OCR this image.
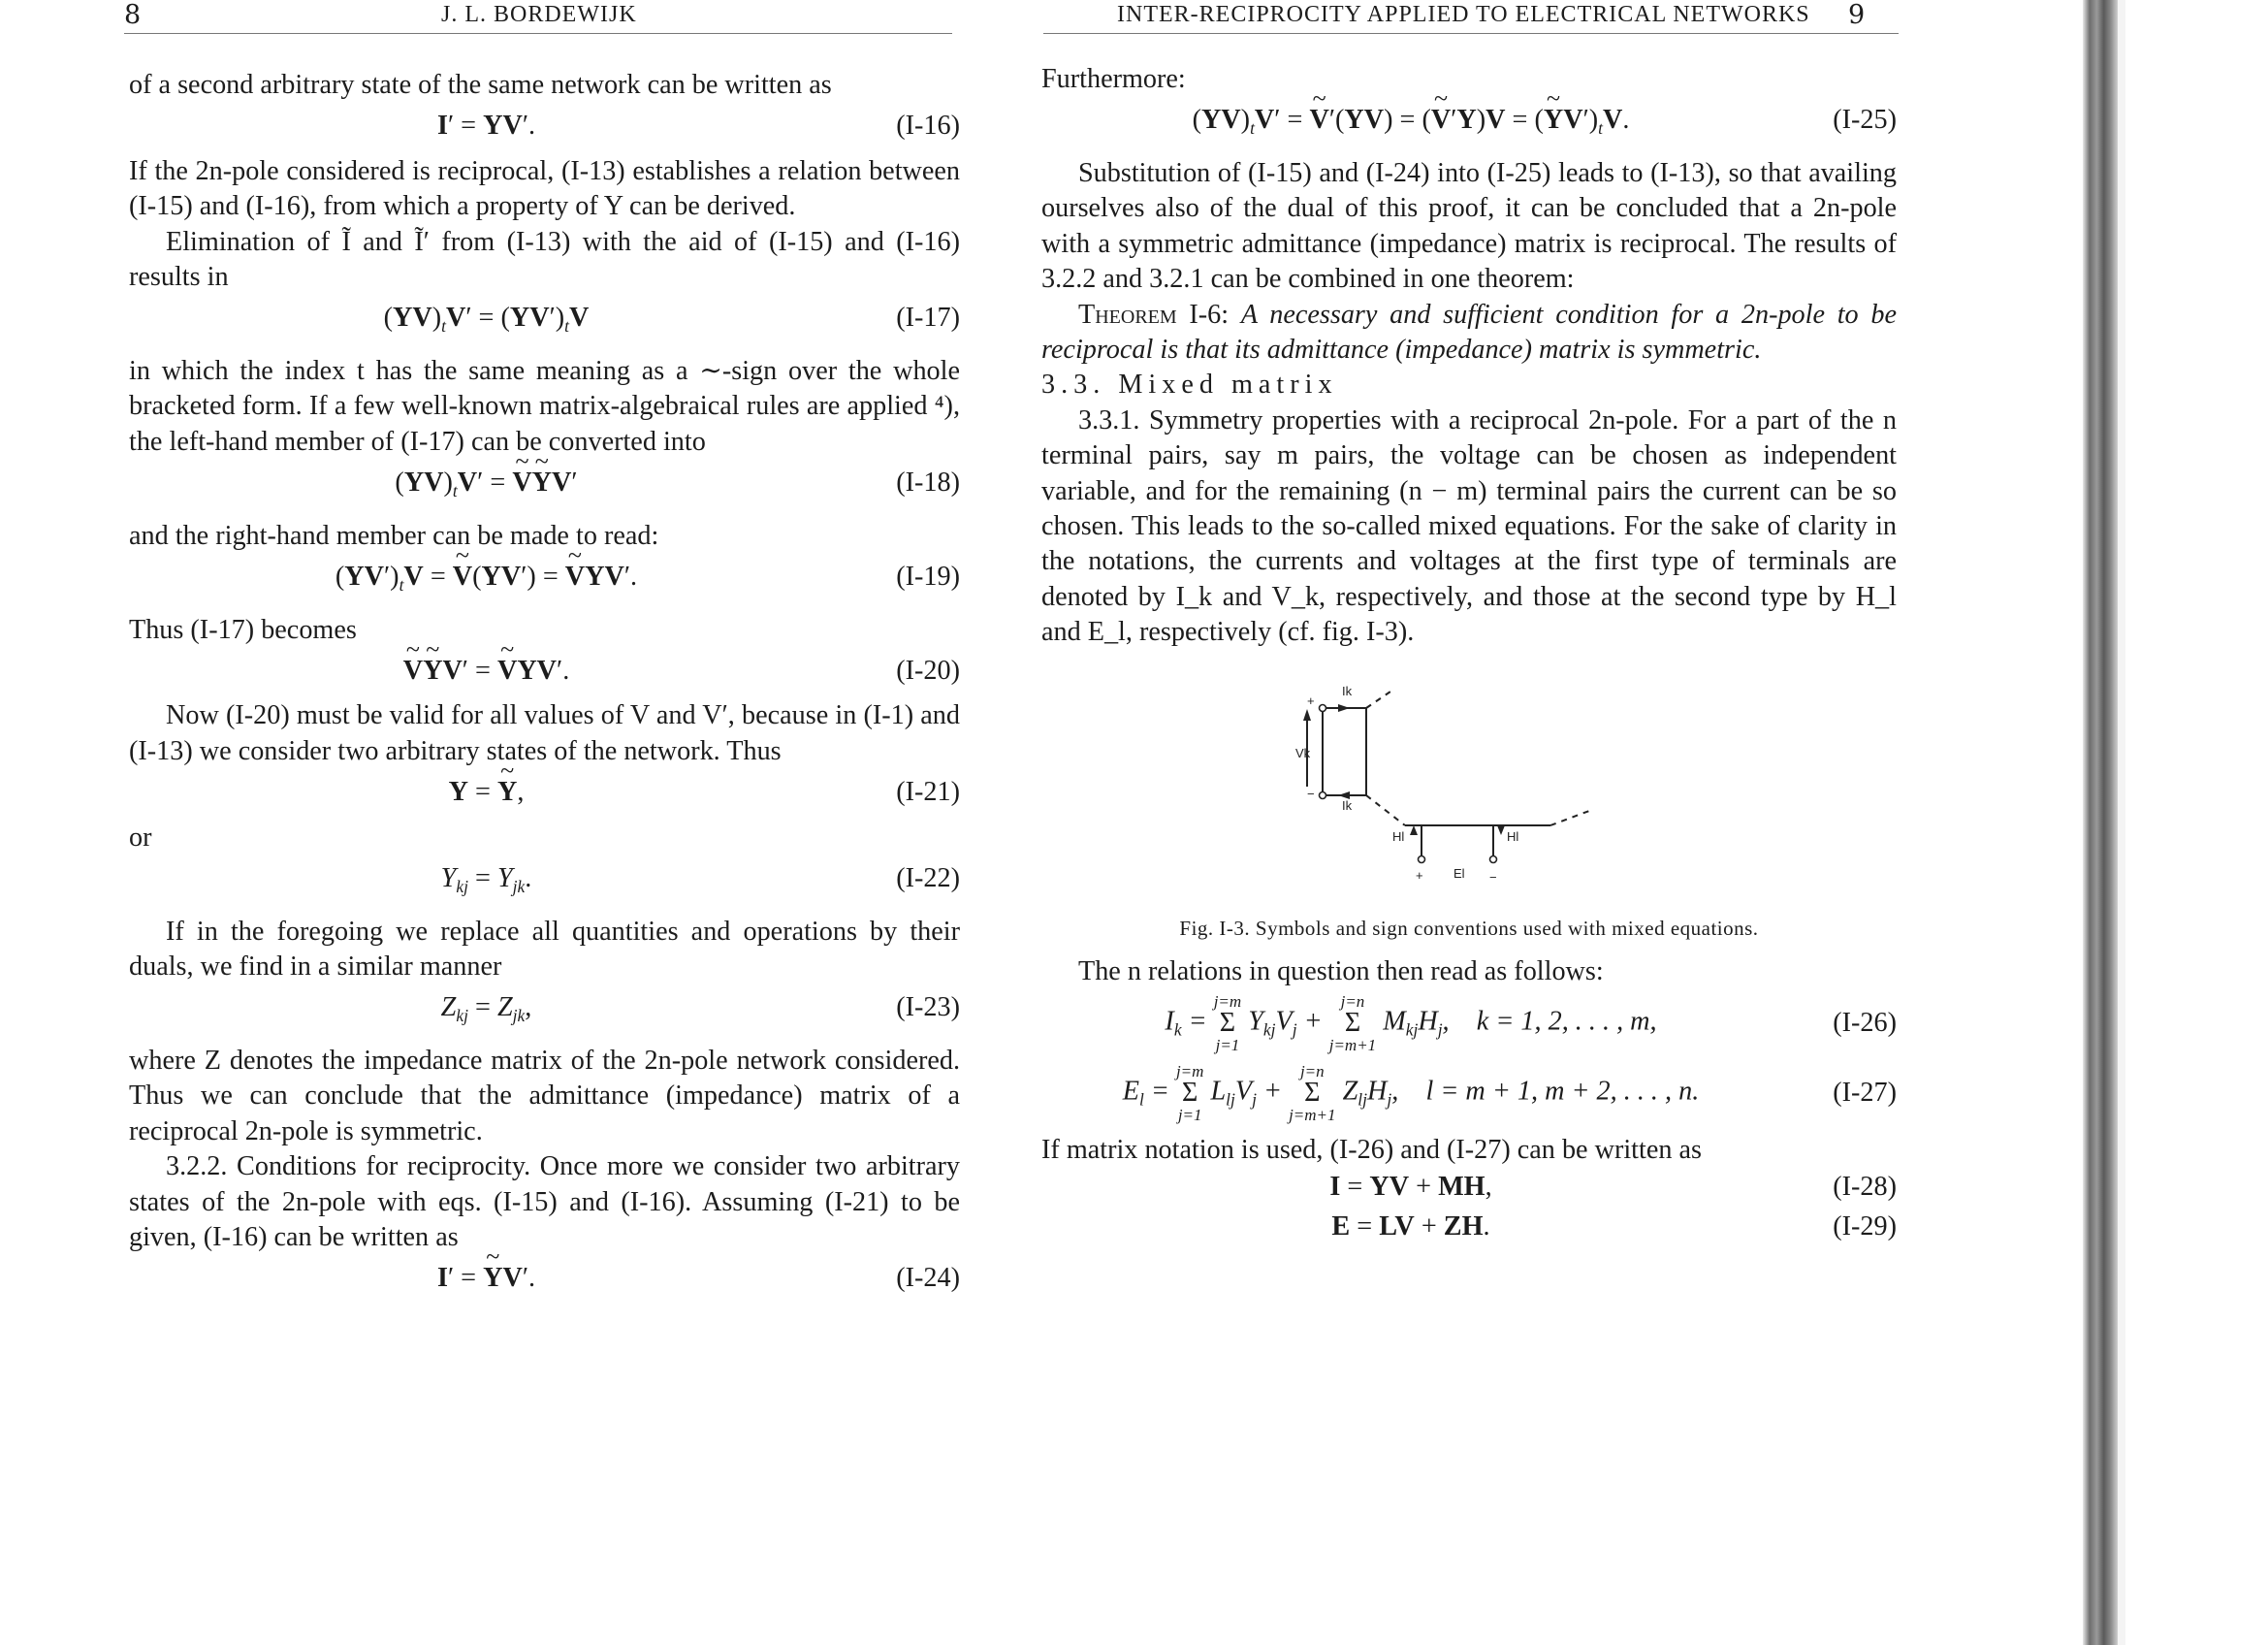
8	J. L. BORDEWIJK

of a second arbitrary state of the same network can be written as

I′ = YV′.	(I-16)

If the 2n-pole considered is reciprocal, (I-13) establishes a relation between (I-15) and (I-16), from which a property of Y can be derived.

Elimination of Ĩ and Ĩ′ from (I-13) with the aid of (I-15) and (I-16) results in

$(YV)_tV' = (YV')_tV$	(I-17)

in which the index t has the same meaning as a ∼-sign over the whole bracketed form. If a few well-known matrix-algebraical rules are applied ⁴), the left-hand member of (I-17) can be converted into

$(YV)_tV'$ = ~ V~ YV′	(I-18)

and the right-hand member can be made to read:

$(YV')_tV$ = ~ V(YV′) = ~ VYV′.	(I-19)

Thus (I-17) becomes

~ V~ YV′ = ~ VYV′.	(I-20)

Now (I-20) must be valid for all values of V and V′, because in (I-1) and (I-13) we consider two arbitrary states of the network. Thus

Y = ~ Y,	(I-21)

or

$Y_{kj} = Y_{jk}$.	(I-22)

If in the foregoing we replace all quantities and operations by their duals, we find in a similar manner

$Z_{kj} = Z_{jk}$,	(I-23)

where Z denotes the impedance matrix of the 2n-pole network considered. Thus we can conclude that the admittance (impedance) matrix of a reciprocal 2n-pole is symmetric.

3.2.2. Conditions for reciprocity. Once more we consider two arbitrary states of the 2n-pole with eqs. (I-15) and (I-16). Assuming (I-21) to be given, (I-16) can be written as

I′ = ~ YV′.	(I-24)
INTER-RECIPROCITY APPLIED TO ELECTRICAL NETWORKS 9

Furthermore:

$(YV)_tV'$ = ~ V′(YV) = (~ V′Y)V = (~ $YV')_tV$.	(I-25)

Substitution of (I-15) and (I-24) into (I-25) leads to (I-13), so that availing ourselves also of the dual of this proof, it can be concluded that a 2n-pole with a symmetric admittance (impedance) matrix is reciprocal. The results of 3.2.2 and 3.2.1 can be combined in one theorem:

Theorem I-6: A necessary and sufficient condition for a 2n-pole to be reciprocal is that its admittance (impedance) matrix is symmetric.

3.3. Mixed matrix

3.3.1. Symmetry properties with a reciprocal 2n-pole. For a part of the n terminal pairs, say m pairs, the voltage can be chosen as independent variable, and for the remaining (n − m) terminal pairs the current can be so chosen. This leads to the so-called mixed equations. For the sake of clarity in the notations, the currents and voltages at the first type of terminals are denoted by I_k and V_k, respectively, and those at the second type by H_l and E_l, respectively (cf. fig. I-3).

Ik
Ik
Vk
+
−
Hl	Hl
El
+	−
Fig. I-3. Symbols and sign conventions used with mixed equations.

The n relations in question then read as follows:

$I_k$ =
j=m
Σ
j=1
$Y_{kj}V_j$ +
j=n
Σ
j=m+1
$M_{kj}H_j$,    k = 1, 2, . . . , m,	(I-26)
$E_l$ =
j=m
Σ
j=1
$L_{lj}V_j$ +
j=n
Σ
j=m+1
$Z_{lj}H_j$,    l = m + 1, m + 2, . . . , n.	(I-27)

If matrix notation is used, (I-26) and (I-27) can be written as

I = YV + MH,	(I-28)
E = LV + ZH.	(I-29)
